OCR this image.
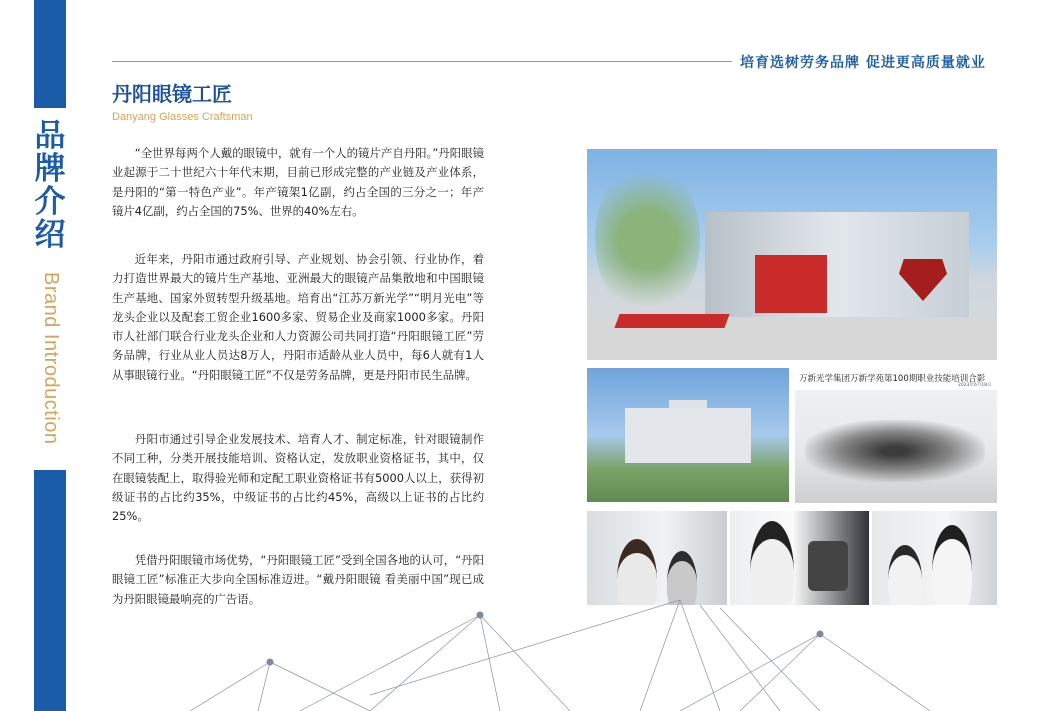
品
牌
介
绍
Brand Introduction
培育选树劳务品牌 促进更高质量就业
丹阳眼镜工匠
Danyang Glasses Craftsman

“全世界每两个人戴的眼镜中，就有一个人的镜片产自丹阳。”丹阳眼镜业起源于二十世纪六十年代末期，目前已形成完整的产业链及产业体系，是丹阳的“第一特色产业”。年产镜架1亿副，约占全国的三分之一；年产镜片4亿副，约占全国的75%、世界的40%左右。

近年来，丹阳市通过政府引导、产业规划、协会引领、行业协作，着力打造世界最大的镜片生产基地、亚洲最大的眼镜产品集散地和中国眼镜生产基地、国家外贸转型升级基地。培育出“江苏万新光学”“明月光电”等龙头企业以及配套工贸企业1600多家、贸易企业及商家1000多家。丹阳市人社部门联合行业龙头企业和人力资源公司共同打造“丹阳眼镜工匠”劳务品牌，行业从业人员达8万人，丹阳市适龄从业人员中，每6人就有1人从事眼镜行业。“丹阳眼镜工匠”不仅是劳务品牌，更是丹阳市民生品牌。

丹阳市通过引导企业发展技术、培育人才、制定标准，针对眼镜制作不同工种，分类开展技能培训、资格认定，发放职业资格证书，其中，仅在眼镜装配上，取得验光师和定配工职业资格证书有5000人以上，获得初级证书的占比约35%，中级证书的占比约45%，高级以上证书的占比约25%。

凭借丹阳眼镜市场优势，“丹阳眼镜工匠”受到全国各地的认可，“丹阳眼镜工匠”标准正大步向全国标准迈进。“戴丹阳眼镜 看美丽中国”现已成为丹阳眼镜最响亮的广告语。

万新光学集团万新学苑第100期职业技能培训合影
2023年6月18日
